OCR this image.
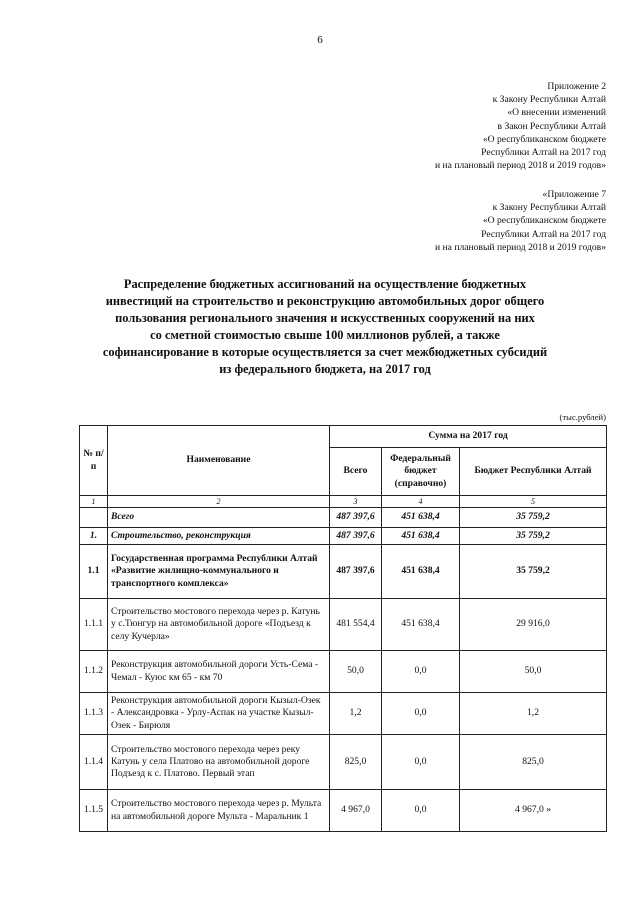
6
Приложение 2
к Закону Республики Алтай
«О внесении изменений
в Закон Республики Алтай
«О республиканском бюджете
Республики Алтай на 2017 год
и на плановый период 2018 и 2019 годов»
«Приложение 7
к Закону Республики Алтай
«О республиканском бюджете
Республики Алтай на 2017 год
и на плановый период 2018 и 2019 годов»
Распределение бюджетных ассигнований на осуществление бюджетных
инвестиций на строительство и реконструкцию автомобильных дорог общего
пользования регионального значения и искусственных сооружений на них
со сметной стоимостью свыше 100 миллионов рублей, а также
софинансирование в которые осуществляется за счет межбюджетных субсидий
из федерального бюджета, на 2017 год
(тыс.рублей)
№ п/п	Наименование	Сумма на 2017 год		
		Всего	Федеральный бюджет (справочно)	Бюджет Республики Алтай
1	2	3	4	5
	Всего	487 397,6	451 638,4	35 759,2
1.	Строительство, реконструкция	487 397,6	451 638,4	35 759,2
1.1	Государственная программа Республики Алтай «Развитие жилищно-коммунального и транспортного комплекса»	487 397,6	451 638,4	35 759,2
1.1.1	Строительство мостового перехода через р. Катунь у с.Тюнгур на автомобильной дороге «Подъезд к селу Кучерла»	481 554,4	451 638,4	29 916,0
1.1.2	Реконструкция автомобильной дороги Усть-Сема - Чемал - Куюс км 65 - км 70	50,0	0,0	50,0
1.1.3	Реконструкция автомобильной дороги Кызыл-Озек - Александровка - Урлу-Аспак на участке Кызыл-Озек - Бирюля	1,2	0,0	1,2
1.1.4	Строительство мостового перехода через реку Катунь у села Платово на автомобильной дороге Подъезд к с. Платово. Первый этап	825,0	0,0	825,0
1.1.5	Строительство мостового перехода через р. Мульта на автомобильной дороге Мульта - Маральник 1	4 967,0	0,0	4 967,0 »
